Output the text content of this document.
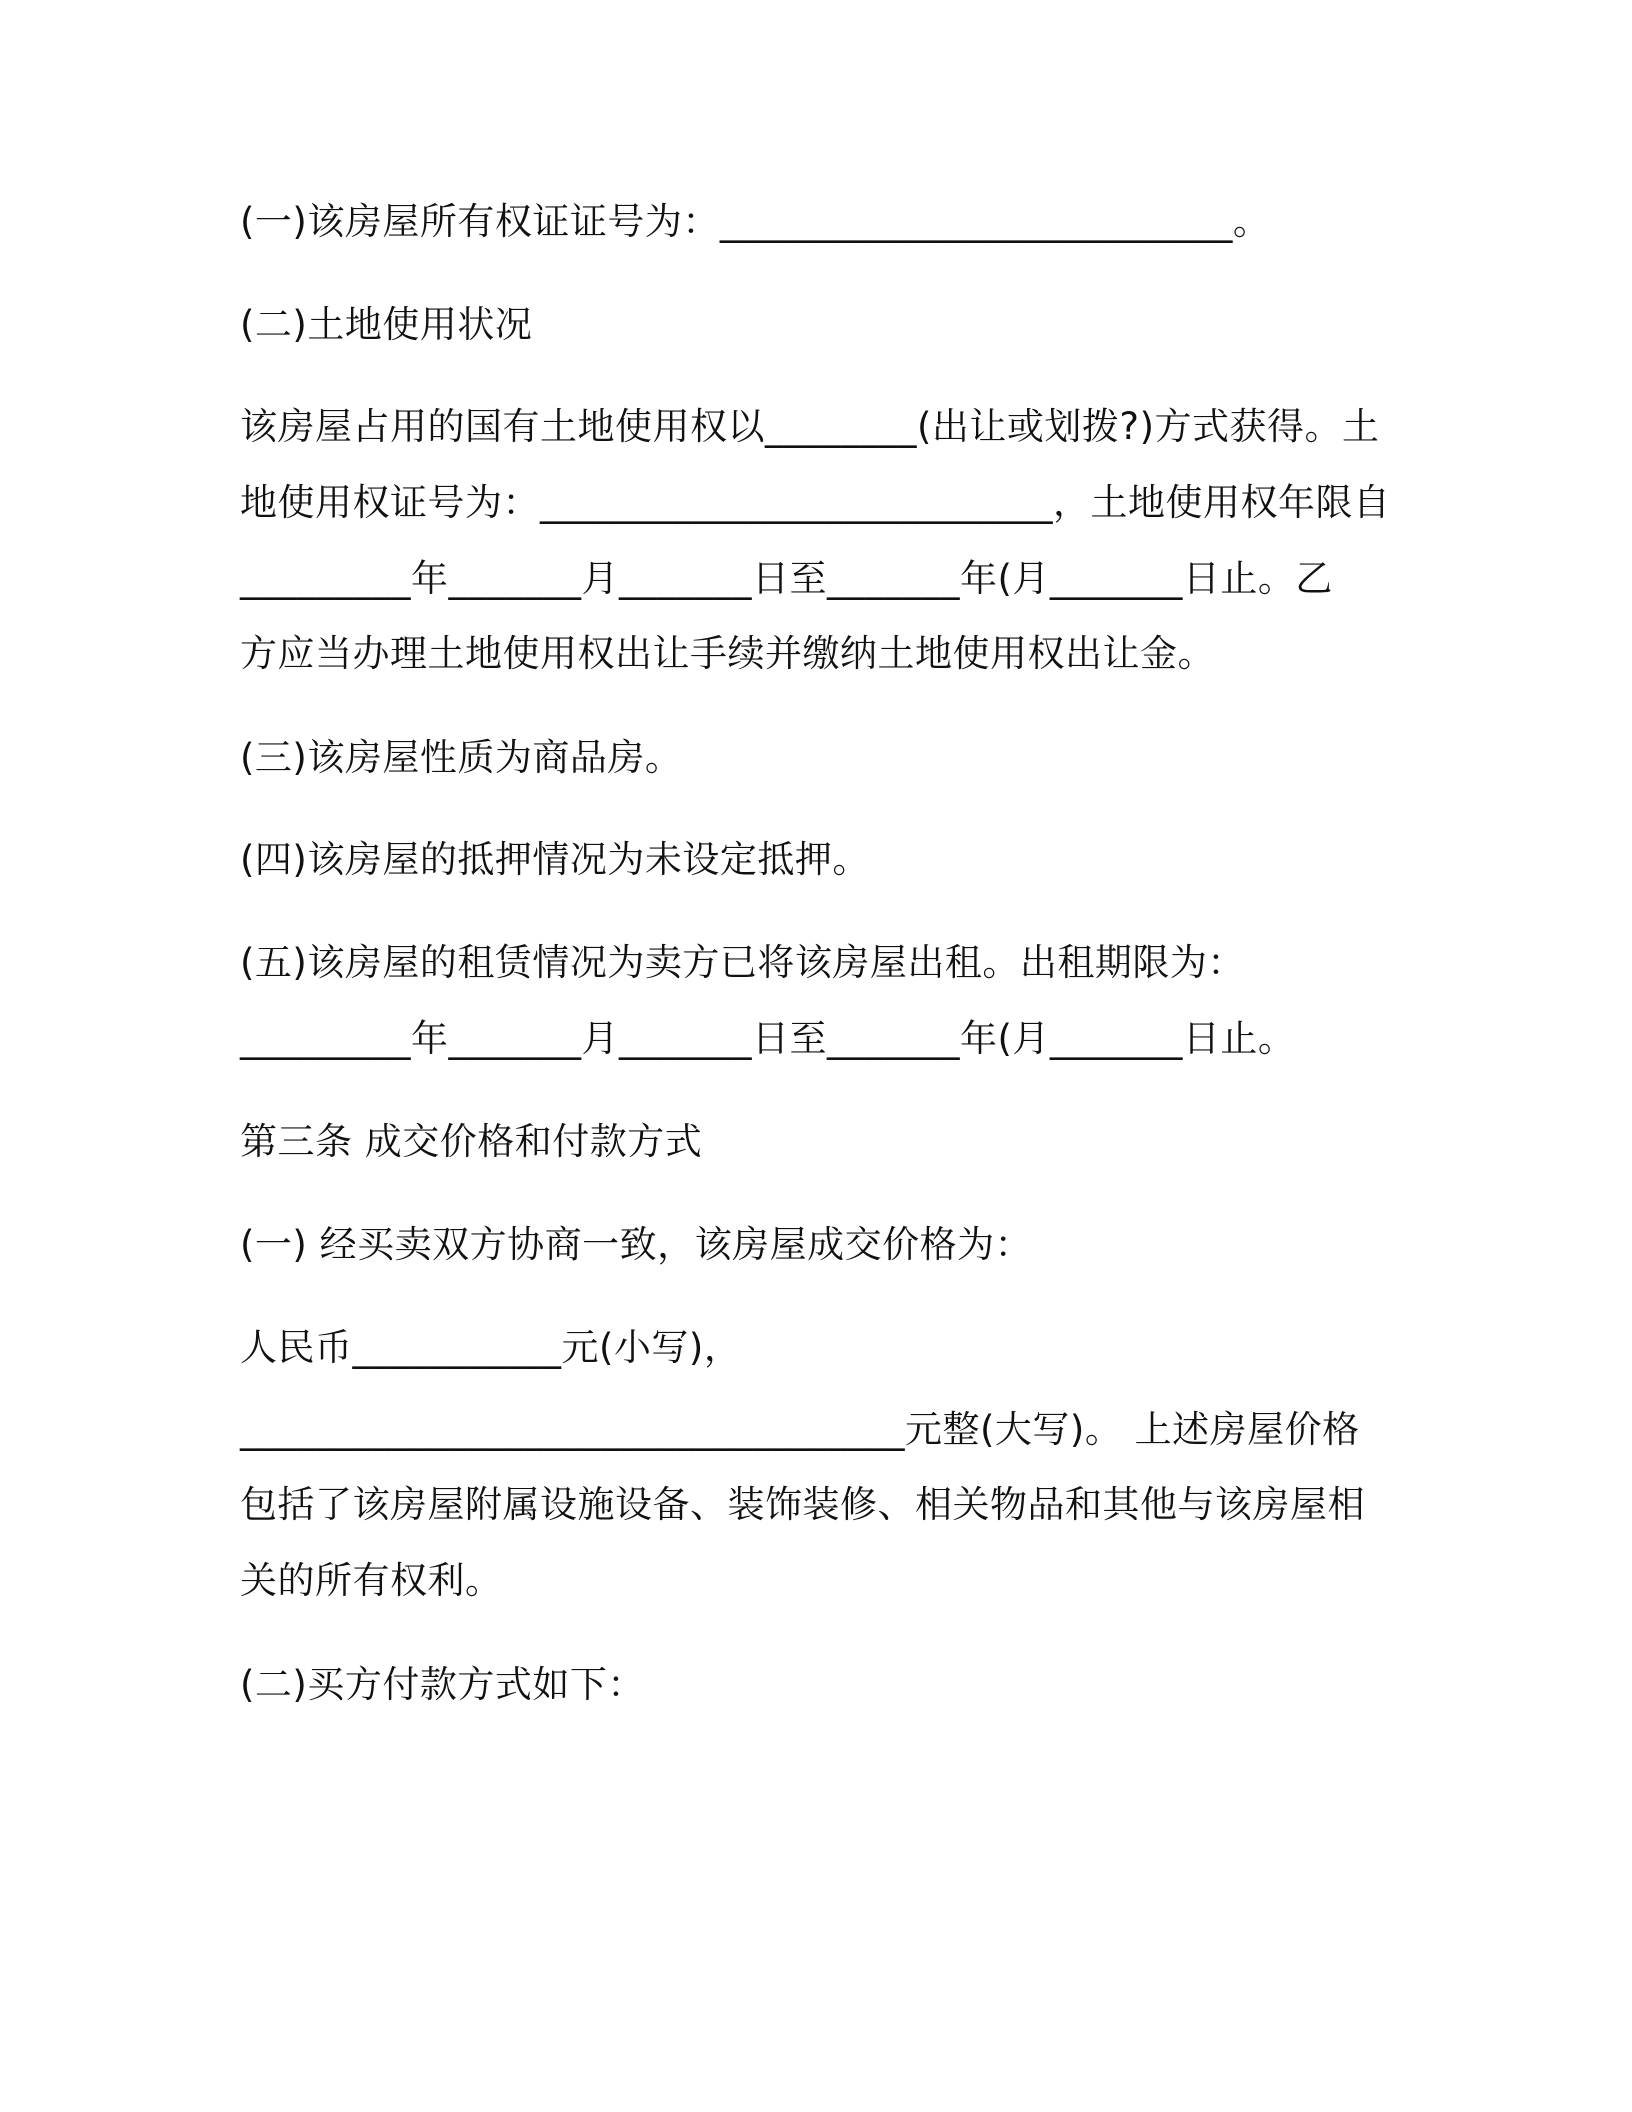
(一)该房屋所有权证证号为：___________________________。

(二)土地使用状况

该房屋占用的国有土地使用权以________(出让或划拨?)方式获得。土

地使用权证号为：___________________________，土地使用权年限自

_________年_______月_______日至_______年(月_______日止。乙

方应当办理土地使用权出让手续并缴纳土地使用权出让金。

(三)该房屋性质为商品房。

(四)该房屋的抵押情况为未设定抵押。

(五)该房屋的租赁情况为卖方已将该房屋出租。出租期限为：

_________年_______月_______日至_______年(月_______日止。

第三条 成交价格和付款方式

(一) 经买卖双方协商一致，该房屋成交价格为：

人民币___________元(小写)，

___________________________________元整(大写)。 上述房屋价格

包括了该房屋附属设施设备、装饰装修、相关物品和其他与该房屋相

关的所有权利。

(二)买方付款方式如下：
